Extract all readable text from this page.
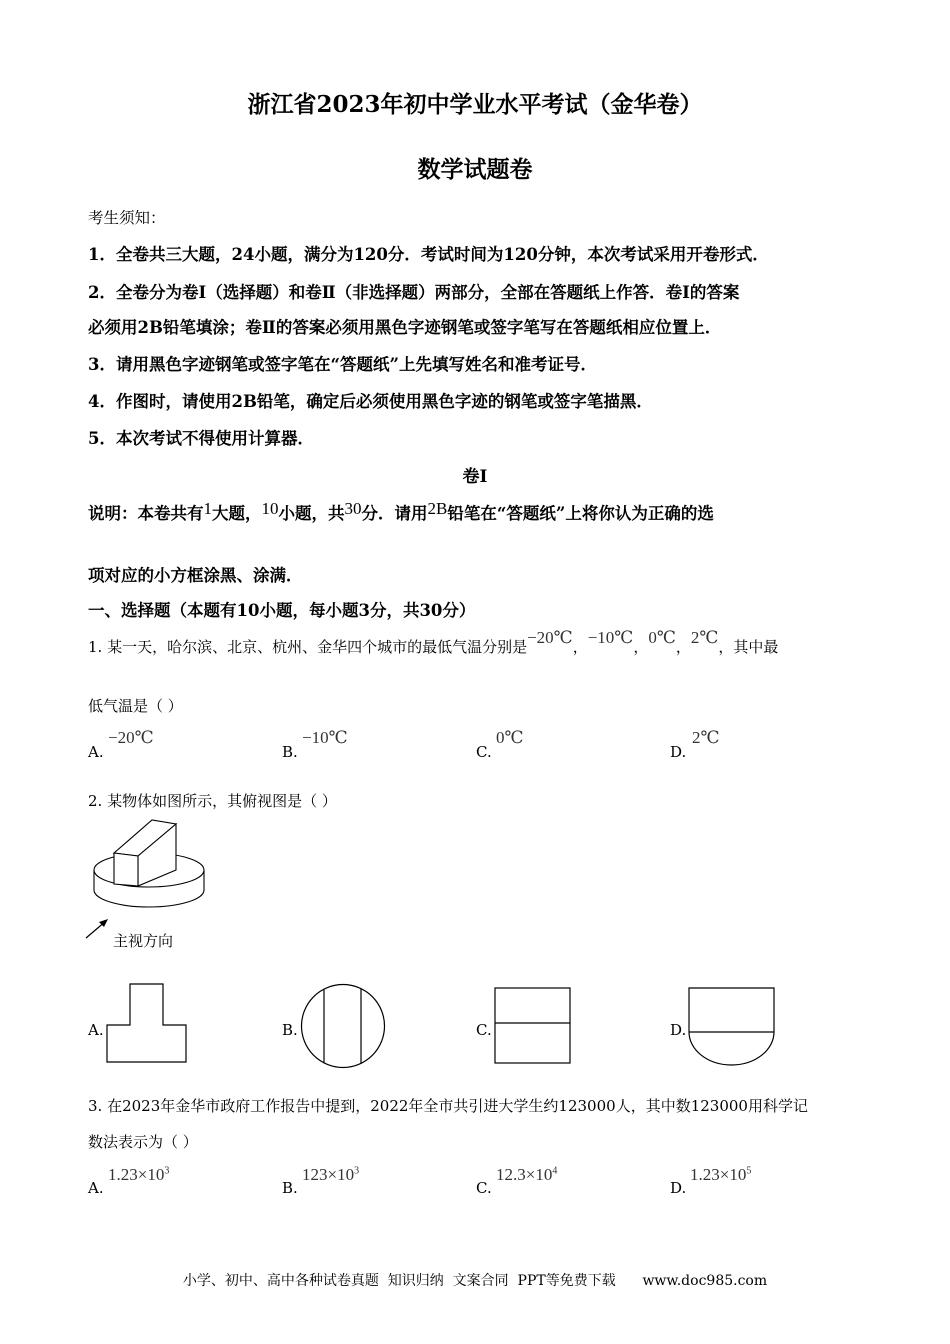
浙江省2023年初中学业水平考试（金华卷）
数学试题卷
考生须知：
1．全卷共三大题，24小题，满分为120分．考试时间为120分钟，本次考试采用开卷形式．
2．全卷分为卷Ⅰ（选择题）和卷Ⅱ（非选择题）两部分，全部在答题纸上作答．卷Ⅰ的答案
必须用2B铅笔填涂；卷Ⅱ的答案必须用黑色字迹钢笔或签字笔写在答题纸相应位置上．
3．请用黑色字迹钢笔或签字笔在“答题纸”上先填写姓名和准考证号．
4．作图时，请使用2B铅笔，确定后必须使用黑色字迹的钢笔或签字笔描黑．
5．本次考试不得使用计算器．
卷Ⅰ
说明：本卷共有1大题，10小题，共30分．请用2B铅笔在“答题纸”上将你认为正确的选
项对应的小方框涂黑、涂满．
一、选择题（本题有10小题，每小题3分，共30分）
1. 某一天，哈尔滨、北京、杭州、金华四个城市的最低气温分别是−20℃，−10℃，0℃，2℃，其中最
低气温是（ ）
A.
−20℃
B.
−10℃
C.
0℃
D.
2℃
2. 某物体如图所示，其俯视图是（ ）
主视方向
A.	B.	C.	D.
3. 在2023年金华市政府工作报告中提到，2022年全市共引进大学生约123000人，其中数123000用科学记
数法表示为（ ）
A.
$1.23\times 10^3$
B.
$123\times 10^3$
C.
$12.3\times 10^4$
D.
$1.23\times 10^5$
小学、初中、高中各种试卷真题  知识归纳  文案合同  PPT等免费下载      www.doc985.com
